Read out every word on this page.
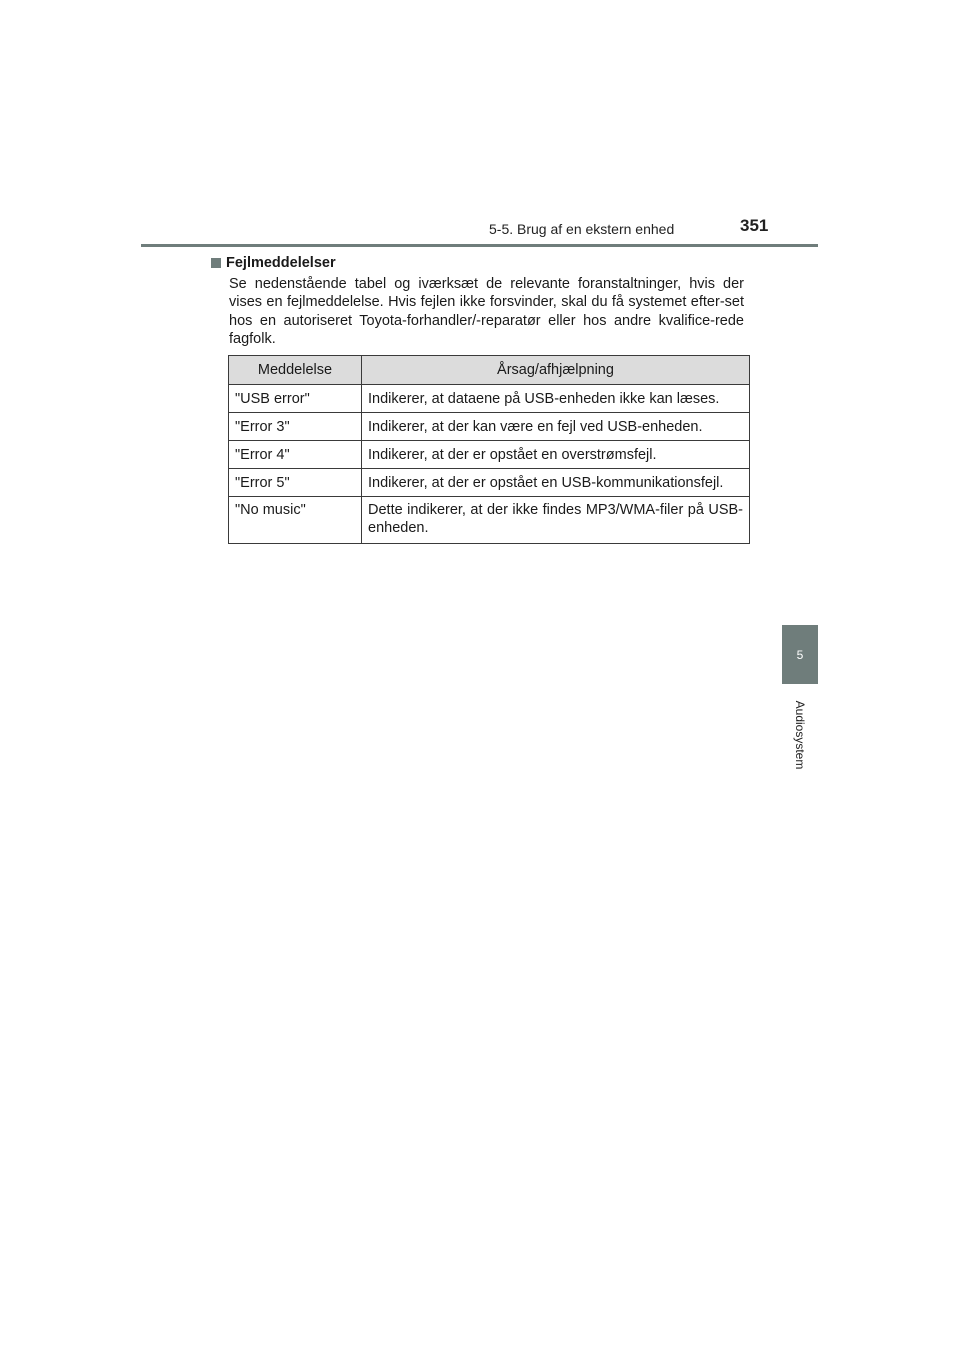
5-5. Brug af en ekstern enhed	351
5
Audiosystem
Fejlmeddelelser
Se nedenstående tabel og iværksæt de relevante foranstaltninger, hvis der vises en fejlmeddelelse. Hvis fejlen ikke forsvinder, skal du få systemet efter-set hos en autoriseret Toyota-forhandler/-reparatør eller hos andre kvalifice-rede fagfolk.
Meddelelse	Årsag/afhjælpning
"USB error"	Indikerer, at dataene på USB-enheden ikke kan læses.
"Error 3"	Indikerer, at der kan være en fejl ved USB-enheden.
"Error 4"	Indikerer, at der er opstået en overstrømsfejl.
"Error 5"	Indikerer, at der er opstået en USB-kommunikationsfejl.
"No music"	Dette indikerer, at der ikke findes MP3/WMA-filer på USB-enheden.
